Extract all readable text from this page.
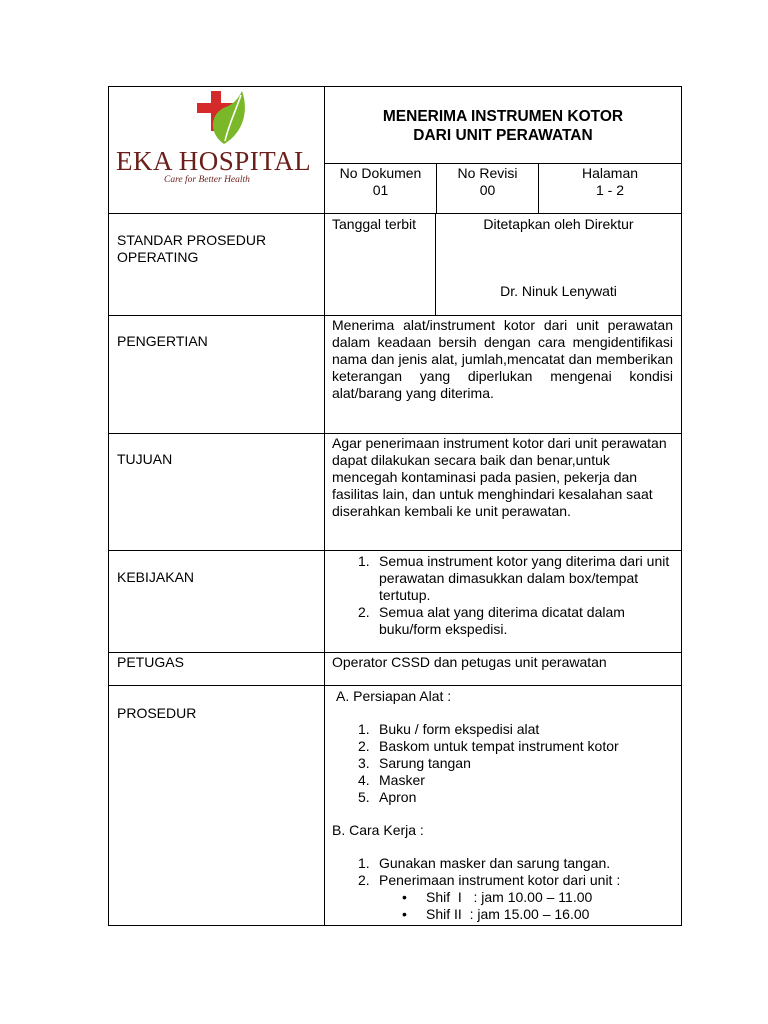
EKA HOSPITAL
Care for Better Health
MENERIMA INSTRUMEN KOTOR
DARI UNIT PERAWATAN
No Dokumen
01
No Revisi
00
Halaman
1 - 2
STANDAR PROSEDUR OPERATING
Tanggal terbit	Ditetapkan oleh Direktur
Dr. Ninuk Lenywati
PENGERTIAN
Menerima alat/instrument kotor dari unit perawatan dalam keadaan bersih dengan cara mengidentifikasi nama dan jenis alat, jumlah,mencatat dan memberikan keterangan yang diperlukan mengenai kondisi alat/barang yang diterima.
TUJUAN
Agar penerimaan instrument kotor dari unit perawatan dapat dilakukan secara baik dan benar,untuk mencegah kontaminasi pada pasien, pekerja dan fasilitas lain, dan untuk menghindari kesalahan saat diserahkan kembali ke unit perawatan.
KEBIJAKAN
1. Semua instrument kotor yang diterima dari unit perawatan dimasukkan dalam box/tempat tertutup.
2. Semua alat yang diterima dicatat dalam buku/form ekspedisi.
PETUGAS	Operator CSSD dan petugas unit perawatan
PROSEDUR
A. Persiapan Alat :
1. Buku / form ekspedisi alat
2. Baskom untuk tempat instrument kotor
3. Sarung tangan
4. Masker
5. Apron
B. Cara Kerja :
1. Gunakan masker dan sarung tangan.
2. Penerimaan instrument kotor dari unit :
• Shif  I   : jam 10.00 – 11.00
• Shif II  : jam 15.00 – 16.00
